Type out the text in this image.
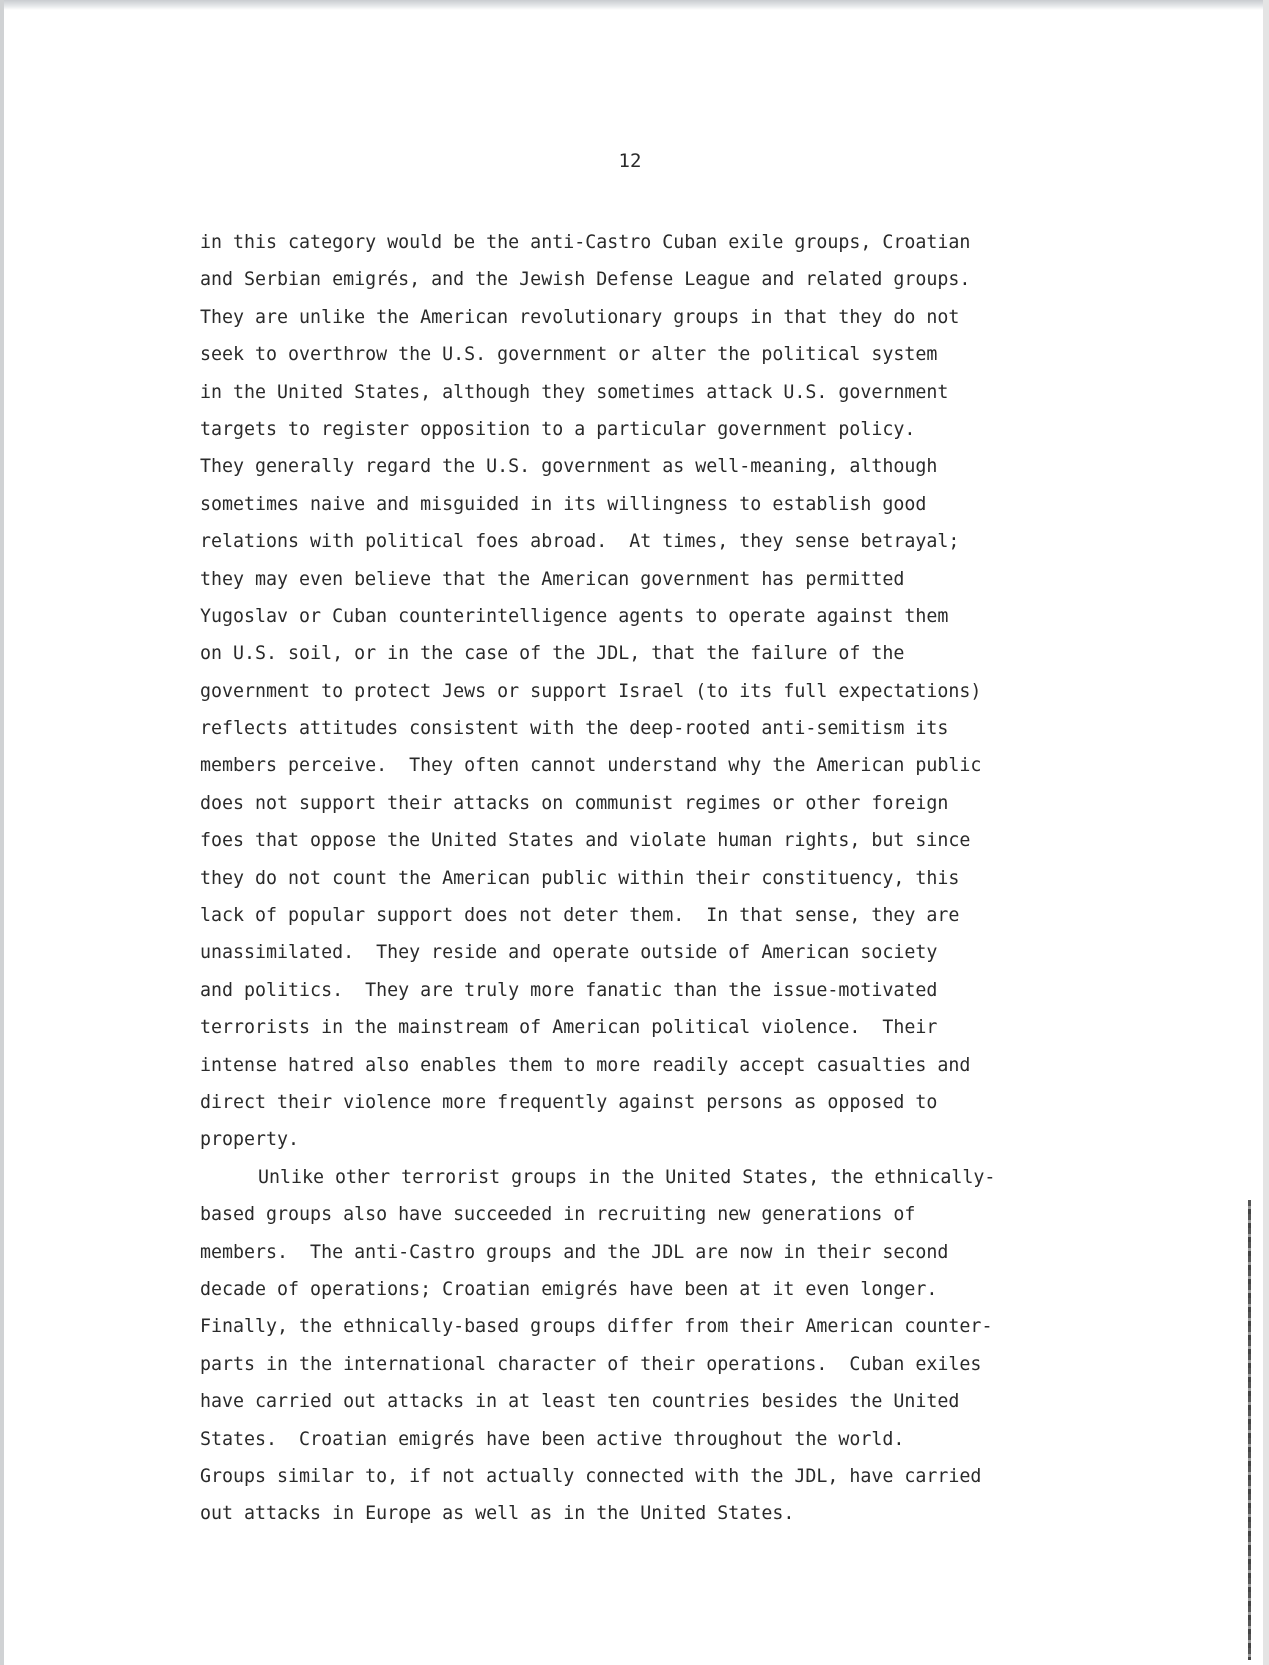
12
in this category would be the anti-Castro Cuban exile groups, Croatian
and Serbian emigrés, and the Jewish Defense League and related groups.
They are unlike the American revolutionary groups in that they do not
seek to overthrow the U.S. government or alter the political system
in the United States, although they sometimes attack U.S. government
targets to register opposition to a particular government policy.
They generally regard the U.S. government as well-meaning, although
sometimes naive and misguided in its willingness to establish good
relations with political foes abroad.  At times, they sense betrayal;
they may even believe that the American government has permitted
Yugoslav or Cuban counterintelligence agents to operate against them
on U.S. soil, or in the case of the JDL, that the failure of the
government to protect Jews or support Israel (to its full expectations)
reflects attitudes consistent with the deep-rooted anti-semitism its
members perceive.  They often cannot understand why the American public
does not support their attacks on communist regimes or other foreign
foes that oppose the United States and violate human rights, but since
they do not count the American public within their constituency, this
lack of popular support does not deter them.  In that sense, they are
unassimilated.  They reside and operate outside of American society
and politics.  They are truly more fanatic than the issue-motivated
terrorists in the mainstream of American political violence.  Their
intense hatred also enables them to more readily accept casualties and
direct their violence more frequently against persons as opposed to
property.
Unlike other terrorist groups in the United States, the ethnically-
based groups also have succeeded in recruiting new generations of
members.  The anti-Castro groups and the JDL are now in their second
decade of operations; Croatian emigrés have been at it even longer.
Finally, the ethnically-based groups differ from their American counter-
parts in the international character of their operations.  Cuban exiles
have carried out attacks in at least ten countries besides the United
States.  Croatian emigrés have been active throughout the world.
Groups similar to, if not actually connected with the JDL, have carried
out attacks in Europe as well as in the United States.
